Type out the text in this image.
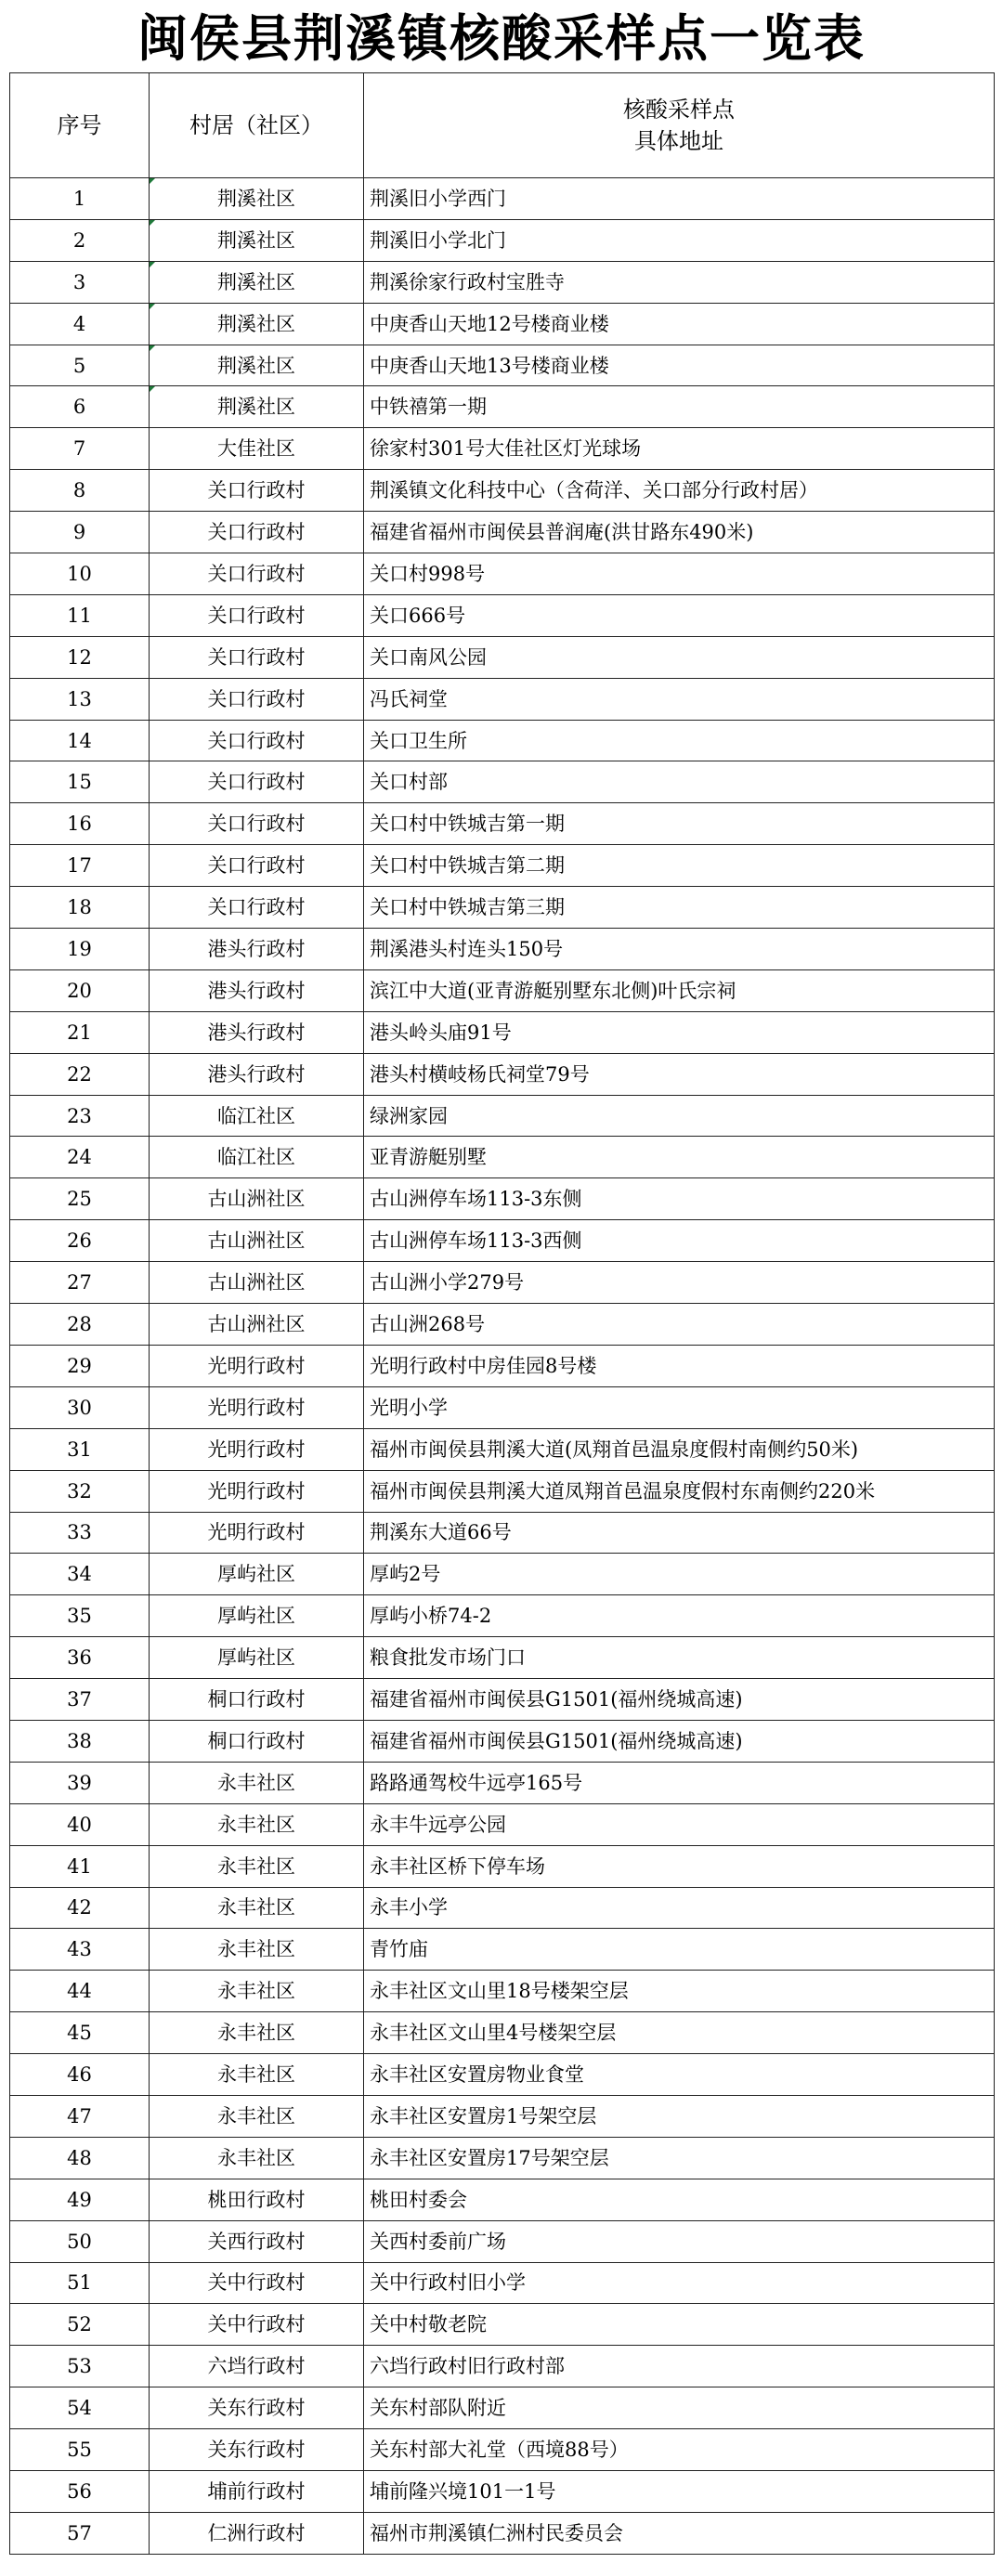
闽侯县荆溪镇核酸采样点一览表
序号	村居（社区）	核酸采样点
具体地址

1	荆溪社区	荆溪旧小学西门
2	荆溪社区	荆溪旧小学北门
3	荆溪社区	荆溪徐家行政村宝胜寺
4	荆溪社区	中庚香山天地12号楼商业楼
5	荆溪社区	中庚香山天地13号楼商业楼
6	荆溪社区	中铁禧第一期
7	大佳社区	徐家村301号大佳社区灯光球场
8	关口行政村	荆溪镇文化科技中心（含荷洋、关口部分行政村居）
9	关口行政村	福建省福州市闽侯县普润庵(洪甘路东490米)
10	关口行政村	关口村998号
11	关口行政村	关口666号
12	关口行政村	关口南风公园
13	关口行政村	冯氏祠堂
14	关口行政村	关口卫生所
15	关口行政村	关口村部
16	关口行政村	关口村中铁城吉第一期
17	关口行政村	关口村中铁城吉第二期
18	关口行政村	关口村中铁城吉第三期
19	港头行政村	荆溪港头村连头150号
20	港头行政村	滨江中大道(亚青游艇别墅东北侧)叶氏宗祠
21	港头行政村	港头岭头庙91号
22	港头行政村	港头村横岐杨氏祠堂79号
23	临江社区	绿洲家园
24	临江社区	亚青游艇别墅
25	古山洲社区	古山洲停车场113-3东侧
26	古山洲社区	古山洲停车场113-3西侧
27	古山洲社区	古山洲小学279号
28	古山洲社区	古山洲268号
29	光明行政村	光明行政村中房佳园8号楼
30	光明行政村	光明小学
31	光明行政村	福州市闽侯县荆溪大道(凤翔首邑温泉度假村南侧约50米)
32	光明行政村	福州市闽侯县荆溪大道凤翔首邑温泉度假村东南侧约220米
33	光明行政村	荆溪东大道66号
34	厚屿社区	厚屿2号
35	厚屿社区	厚屿小桥74-2
36	厚屿社区	粮食批发市场门口
37	桐口行政村	福建省福州市闽侯县G1501(福州绕城高速)
38	桐口行政村	福建省福州市闽侯县G1501(福州绕城高速)
39	永丰社区	路路通驾校牛远亭165号
40	永丰社区	永丰牛远亭公园
41	永丰社区	永丰社区桥下停车场
42	永丰社区	永丰小学
43	永丰社区	青竹庙
44	永丰社区	永丰社区文山里18号楼架空层
45	永丰社区	永丰社区文山里4号楼架空层
46	永丰社区	永丰社区安置房物业食堂
47	永丰社区	永丰社区安置房1号架空层
48	永丰社区	永丰社区安置房17号架空层
49	桃田行政村	桃田村委会
50	关西行政村	关西村委前广场
51	关中行政村	关中行政村旧小学
52	关中行政村	关中村敬老院
53	六垱行政村	六垱行政村旧行政村部
54	关东行政村	关东村部队附近
55	关东行政村	关东村部大礼堂（西境88号）
56	埔前行政村	埔前隆兴境101一1号
57	仁洲行政村	福州市荆溪镇仁洲村民委员会
